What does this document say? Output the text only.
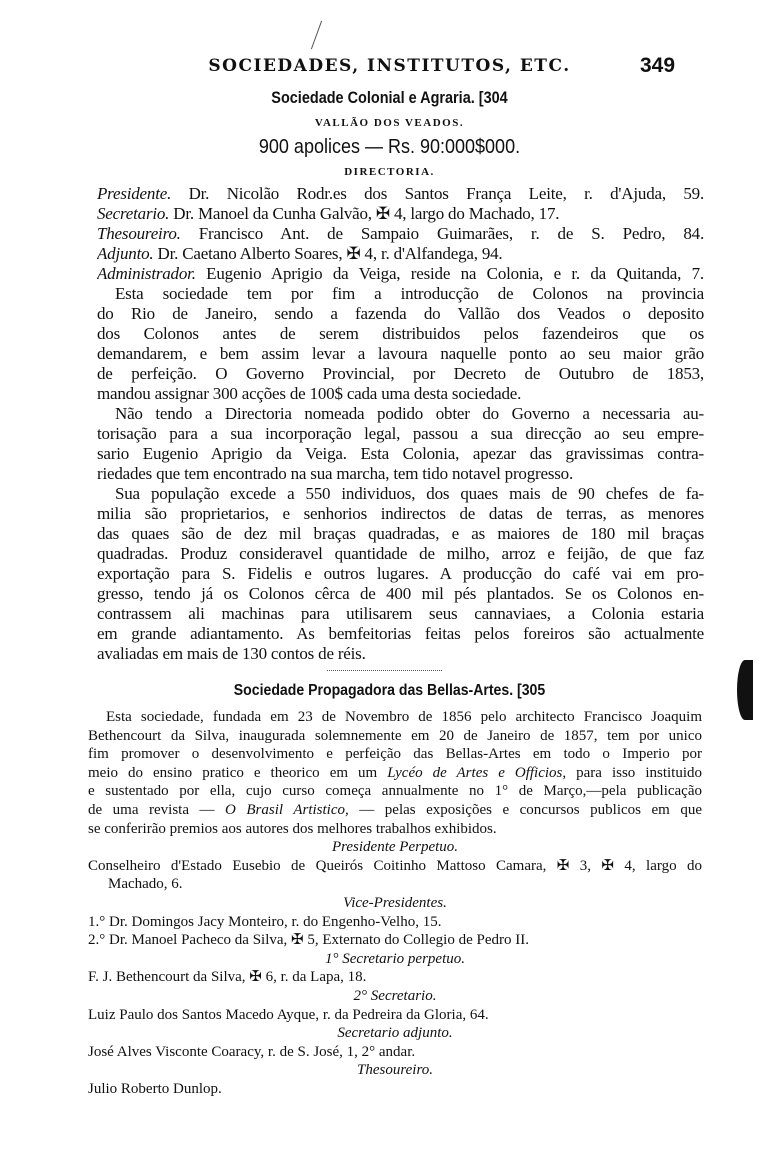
SOCIEDADES, INSTITUTOS, ETC.	349
Sociedade Colonial e Agraria. [304
VALLÃO DOS VEADOS.
900 apolices — Rs. 90:000$000.
DIRECTORIA.
Presidente. Dr. Nicolão Rodr.es dos Santos França Leite, r. d'Ajuda, 59.
Secretario. Dr. Manoel da Cunha Galvão, ✠ 4, largo do Machado, 17.
Thesoureiro. Francisco Ant. de Sampaio Guimarães, r. de S. Pedro, 84.
Adjunto. Dr. Caetano Alberto Soares, ✠ 4, r. d'Alfandega, 94.
Administrador. Eugenio Aprigio da Veiga, reside na Colonia, e r. da Quitanda, 7.
Esta sociedade tem por fim a introducção de Colonos na provincia
do Rio de Janeiro, sendo a fazenda do Vallão dos Veados o deposito
dos Colonos antes de serem distribuidos pelos fazendeiros que os
demandarem, e bem assim levar a lavoura naquelle ponto ao seu maior grão
de perfeição. O Governo Provincial, por Decreto de Outubro de 1853,
mandou assignar 300 acções de 100$ cada uma desta sociedade.
Não tendo a Directoria nomeada podido obter do Governo a necessaria au-
torisação para a sua incorporação legal, passou a sua direcção ao seu empre-
sario Eugenio Aprigio da Veiga. Esta Colonia, apezar das gravissimas contra-
riedades que tem encontrado na sua marcha, tem tido notavel progresso.
Sua população excede a 550 individuos, dos quaes mais de 90 chefes de fa-
milia são proprietarios, e senhorios indirectos de datas de terras, as menores
das quaes são de dez mil braças quadradas, e as maiores de 180 mil braças
quadradas. Produz consideravel quantidade de milho, arroz e feijão, de que faz
exportação para S. Fidelis e outros lugares. A producção do café vai em pro-
gresso, tendo já os Colonos cêrca de 400 mil pés plantados. Se os Colonos en-
contrassem ali machinas para utilisarem seus cannaviaes, a Colonia estaria
em grande adiantamento. As bemfeitorias feitas pelos foreiros são actualmente
avaliadas em mais de 130 contos de réis.
Sociedade Propagadora das Bellas-Artes. [305
Esta sociedade, fundada em 23 de Novembro de 1856 pelo architecto Francisco Joaquim
Bethencourt da Silva, inaugurada solemnemente em 20 de Janeiro de 1857, tem por unico
fim promover o desenvolvimento e perfeição das Bellas-Artes em todo o Imperio por
meio do ensino pratico e theorico em um Lycéo de Artes e Officios, para isso instituido
e sustentado por ella, cujo curso começa annualmente no 1° de Março,—pela publicação
de uma revista — O Brasil Artistico, — pelas exposições e concursos publicos em que
se conferirão premios aos autores dos melhores trabalhos exhibidos.
Presidente Perpetuo.
Conselheiro d'Estado Eusebio de Queirós Coitinho Mattoso Camara, ✠ 3, ✠ 4, largo do
Machado, 6.
Vice-Presidentes.
1.° Dr. Domingos Jacy Monteiro, r. do Engenho-Velho, 15.
2.° Dr. Manoel Pacheco da Silva, ✠ 5, Externato do Collegio de Pedro II.
1° Secretario perpetuo.
F. J. Bethencourt da Silva, ✠ 6, r. da Lapa, 18.
2° Secretario.
Luiz Paulo dos Santos Macedo Ayque, r. da Pedreira da Gloria, 64.
Secretario adjunto.
José Alves Visconte Coaracy, r. de S. José, 1, 2° andar.
Thesoureiro.
Julio Roberto Dunlop.
